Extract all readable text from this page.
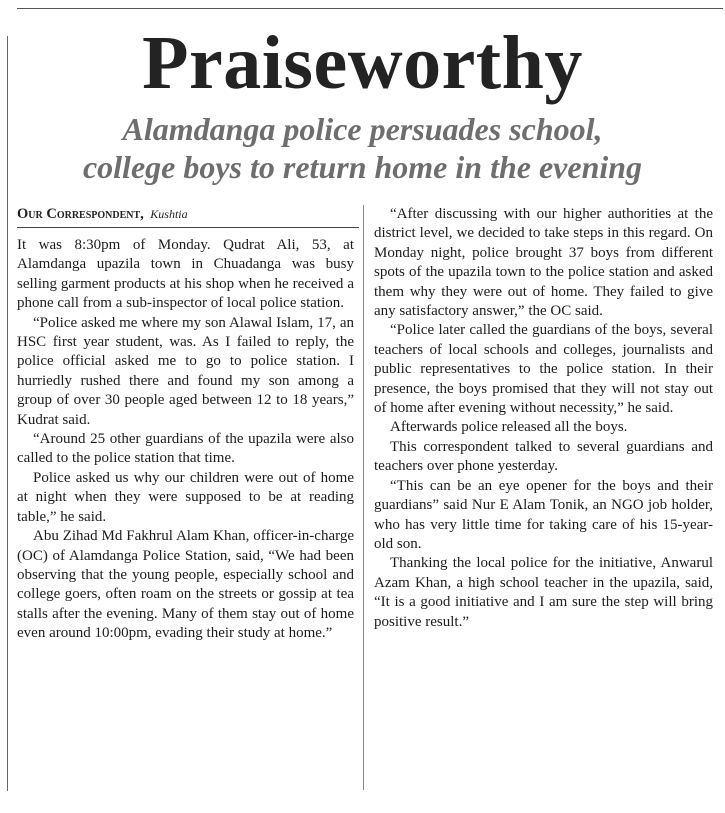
Praiseworthy
Alamdanga police persuades school,
college boys to return home in the evening
Our Correspondent, Kushtia

It was 8:30pm of Monday. Qudrat Ali, 53, at Alamdanga upazila town in Chuadanga was busy selling garment products at his shop when he received a phone call from a sub-inspector of local police station.

“Police asked me where my son Alawal Islam, 17, an HSC first year student, was. As I failed to reply, the police official asked me to go to police station. I hurriedly rushed there and found my son among a group of over 30 people aged between 12 to 18 years,” Kudrat said.

“Around 25 other guardians of the upazila were also called to the police station that time.

Police asked us why our children were out of home at night when they were supposed to be at reading table,” he said.

Abu Zihad Md Fakhrul Alam Khan, officer-in-charge (OC) of Alamdanga Police Station, said, “We had been observing that the young people, especially school and college goers, often roam on the streets or gossip at tea stalls after the evening. Many of them stay out of home even around 10:00pm, evading their study at home.”

“After discussing with our higher authorities at the district level, we decided to take steps in this regard. On Monday night, police brought 37 boys from different spots of the upazila town to the police station and asked them why they were out of home. They failed to give any satisfactory answer,” the OC said.

“Police later called the guardians of the boys, several teachers of local schools and colleges, journalists and public representatives to the police station. In their presence, the boys promised that they will not stay out of home after evening without necessity,” he said.

Afterwards police released all the boys.

This correspondent talked to several guardians and teachers over phone yesterday.

“This can be an eye opener for the boys and their guardians” said Nur E Alam Tonik, an NGO job holder, who has very little time for taking care of his 15-year-old son.

Thanking the local police for the initiative, Anwarul Azam Khan, a high school teacher in the upazila, said, “It is a good initiative and I am sure the step will bring positive result.”
